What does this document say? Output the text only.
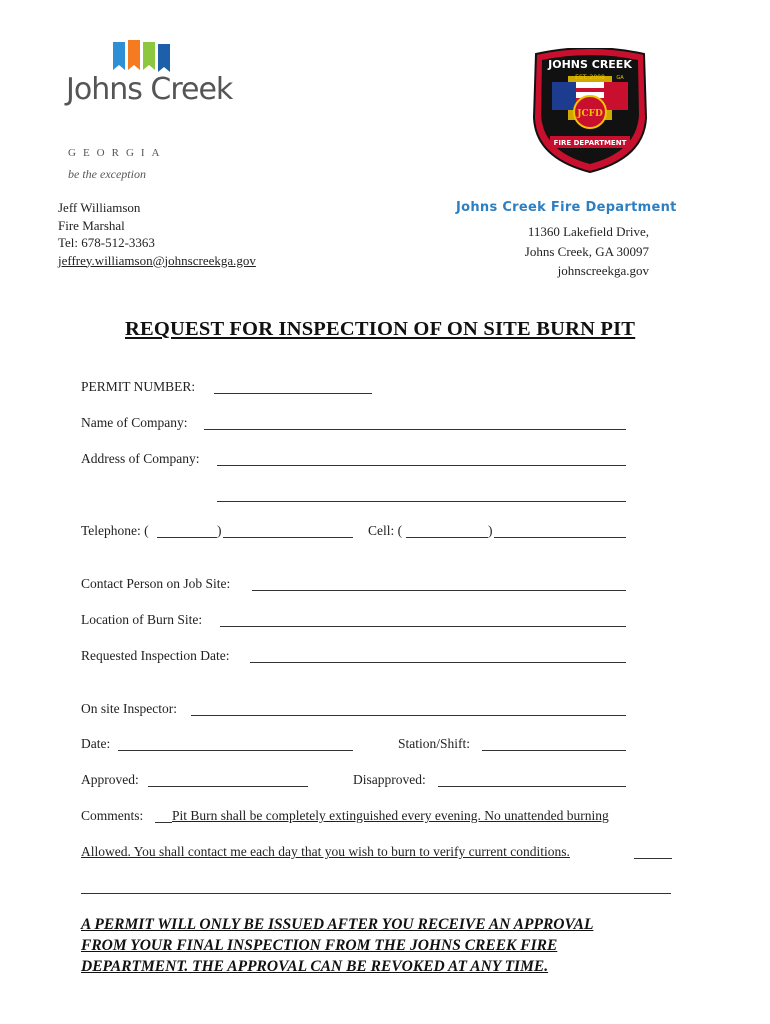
Johns Creek
GEORGIA
be the exception
JOHNS CREEK
EST. 2008 GA
JCFD
FIRE DEPARTMENT
Jeff Williamson
Fire Marshal
Tel: 678-512-3363
jeffrey.williamson@johnscreekga.gov
Johns Creek Fire Department
11360 Lakefield Drive,
Johns Creek, GA 30097
johnscreekga.gov
REQUEST FOR INSPECTION OF ON SITE BURN PIT
PERMIT NUMBER:
Name of Company:
Address of Company:
Telephone: (	)	Cell: (	)
Contact Person on Job Site:
Location of Burn Site:
Requested Inspection Date:
On site Inspector:
Date:	Station/Shift:
Approved:	Disapproved:
Comments: Pit Burn shall be completely extinguished every evening. No unattended burning
Allowed. You shall contact me each day that you wish to burn to verify current conditions.
A PERMIT WILL ONLY BE ISSUED AFTER YOU RECEIVE AN APPROVAL
FROM YOUR FINAL INSPECTION FROM THE JOHNS CREEK FIRE
DEPARTMENT. THE APPROVAL CAN BE REVOKED AT ANY TIME.
